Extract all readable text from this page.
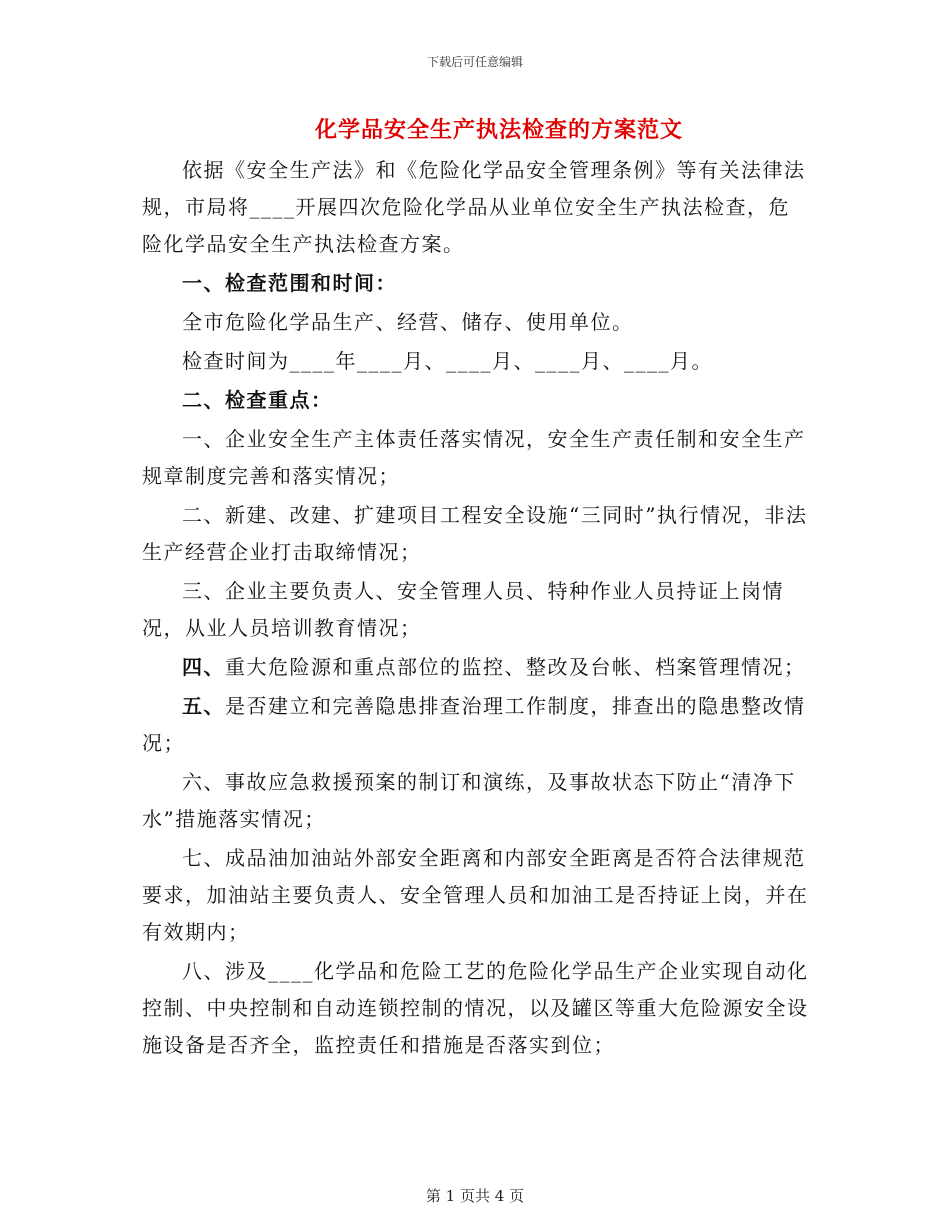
下载后可任意编辑
化学品安全生产执法检查的方案范文

依据《安全生产法》和《危险化学品安全管理条例》等有关法律法规，市局将____开展四次危险化学品从业单位安全生产执法检查，危险化学品安全生产执法检查方案。

一、检查范围和时间：

全市危险化学品生产、经营、储存、使用单位。

检查时间为____年____月、____月、____月、____月。

二、检查重点：

一、企业安全生产主体责任落实情况，安全生产责任制和安全生产规章制度完善和落实情况；

二、新建、改建、扩建项目工程安全设施“三同时”执行情况，非法生产经营企业打击取缔情况；

三、企业主要负责人、安全管理人员、特种作业人员持证上岗情况，从业人员培训教育情况；

四、重大危险源和重点部位的监控、整改及台帐、档案管理情况；

五、是否建立和完善隐患排查治理工作制度，排查出的隐患整改情况；

六、事故应急救援预案的制订和演练，及事故状态下防止“清净下水”措施落实情况；

七、成品油加油站外部安全距离和内部安全距离是否符合法律规范要求，加油站主要负责人、安全管理人员和加油工是否持证上岗，并在有效期内；

八、涉及____化学品和危险工艺的危险化学品生产企业实现自动化控制、中央控制和自动连锁控制的情况，以及罐区等重大危险源安全设施设备是否齐全，监控责任和措施是否落实到位；

第 1 页共 4 页
